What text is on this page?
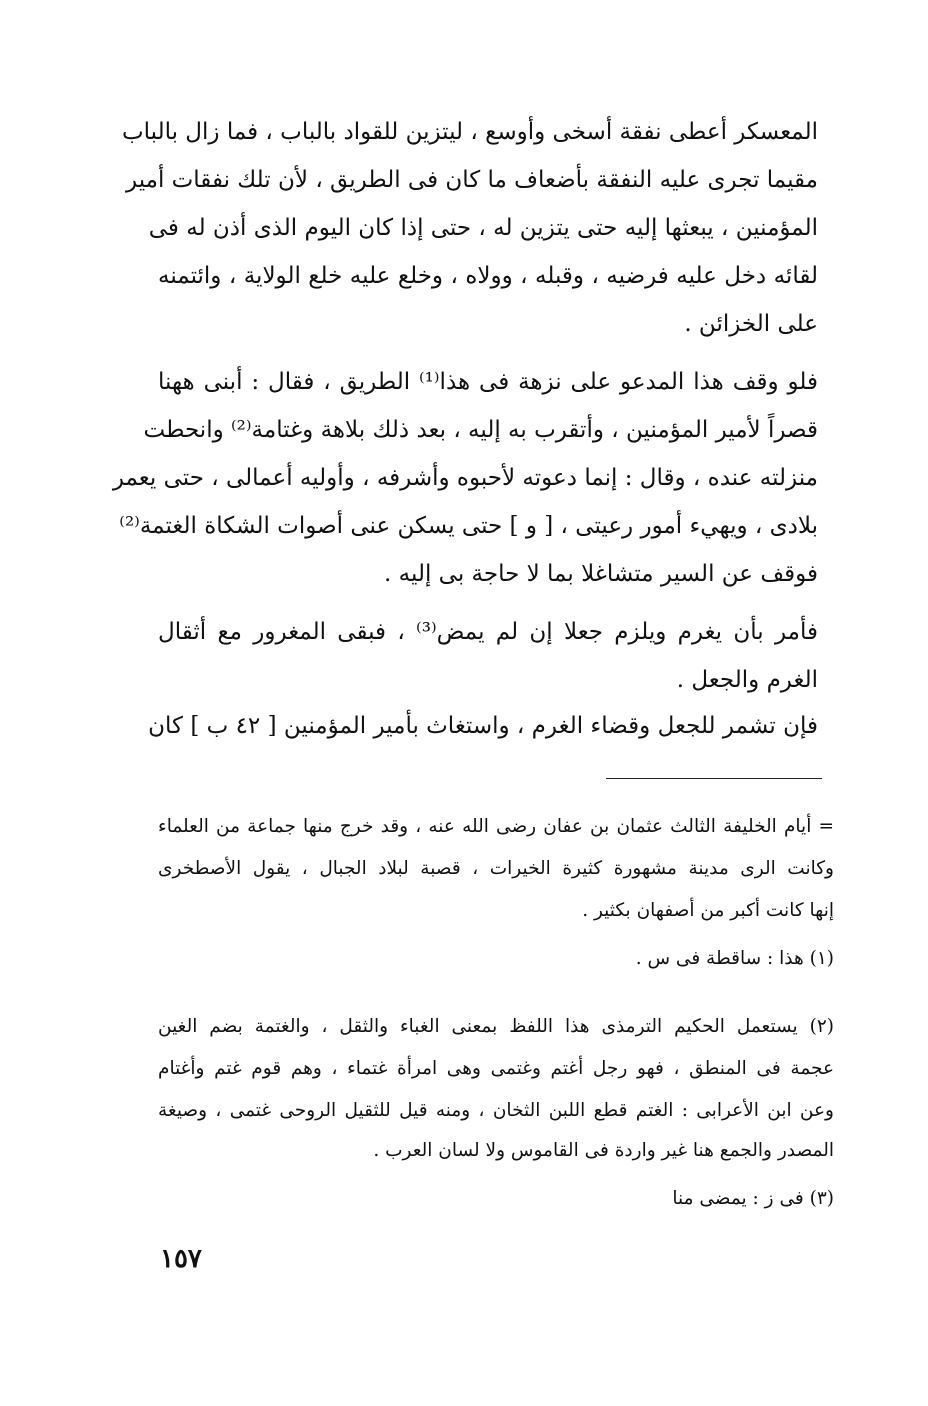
المعسكر أعطى نفقة أسخى وأوسع ، ليتزين للقواد بالباب ، فما زال بالباب
مقيما تجرى عليه النفقة بأضعاف ما كان فى الطريق ، لأن تلك نفقات أمير
المؤمنين ، يبعثها إليه حتى يتزين له ، حتى إذا كان اليوم الذى أذن له فى
لقائه دخل عليه فرضيه ، وقبله ، وولاه ، وخلع عليه خلع الولاية ، وائتمنه
على الخزائن .
فلو وقف هذا المدعو على نزهة فى هذا⁽¹⁾ الطريق ، فقال : أبنى ههنا
قصراً لأمير المؤمنين ، وأتقرب به إليه ، بعد ذلك بلاهة وغتامة⁽²⁾ وانحطت
منزلته عنده ، وقال : إنما دعوته لأحبوه وأشرفه ، وأوليه أعمالى ، حتى يعمر
بلادى ، ويهيء أمور رعيتى ، [ و ] حتى يسكن عنى أصوات الشكاة الغتمة⁽²⁾
فوقف عن السير متشاغلا بما لا حاجة بى إليه .
فأمر بأن يغرم ويلزم جعلا إن لم يمض⁽³⁾ ، فبقى المغرور مع أثقال
الغرم والجعل .
فإن تشمر للجعل وقضاء الغرم ، واستغاث بأمير المؤمنين [ ٤٢ ب ] كان
= أيام الخليفة الثالث عثمان بن عفان رضى الله عنه ، وقد خرج منها جماعة من العلماء
وكانت الرى مدينة مشهورة كثيرة الخيرات ، قصبة لبلاد الجبال ، يقول الأصطخرى
إنها كانت أكبر من أصفهان بكثير .
(١) هذا : ساقطة فى س .
(٢) يستعمل الحكيم الترمذى هذا اللفظ بمعنى الغباء والثقل ، والغتمة بضم الغين
عجمة فى المنطق ، فهو رجل أغتم وغتمى وهى امرأة غتماء ، وهم قوم غتم وأغتام
وعن ابن الأعرابى : الغتم قطع اللبن الثخان ، ومنه قيل للثقيل الروحى غتمى ، وصيغة
المصدر والجمع هنا غير واردة فى القاموس ولا لسان العرب .
(٣) فى ز : يمضى منا
١٥٧
